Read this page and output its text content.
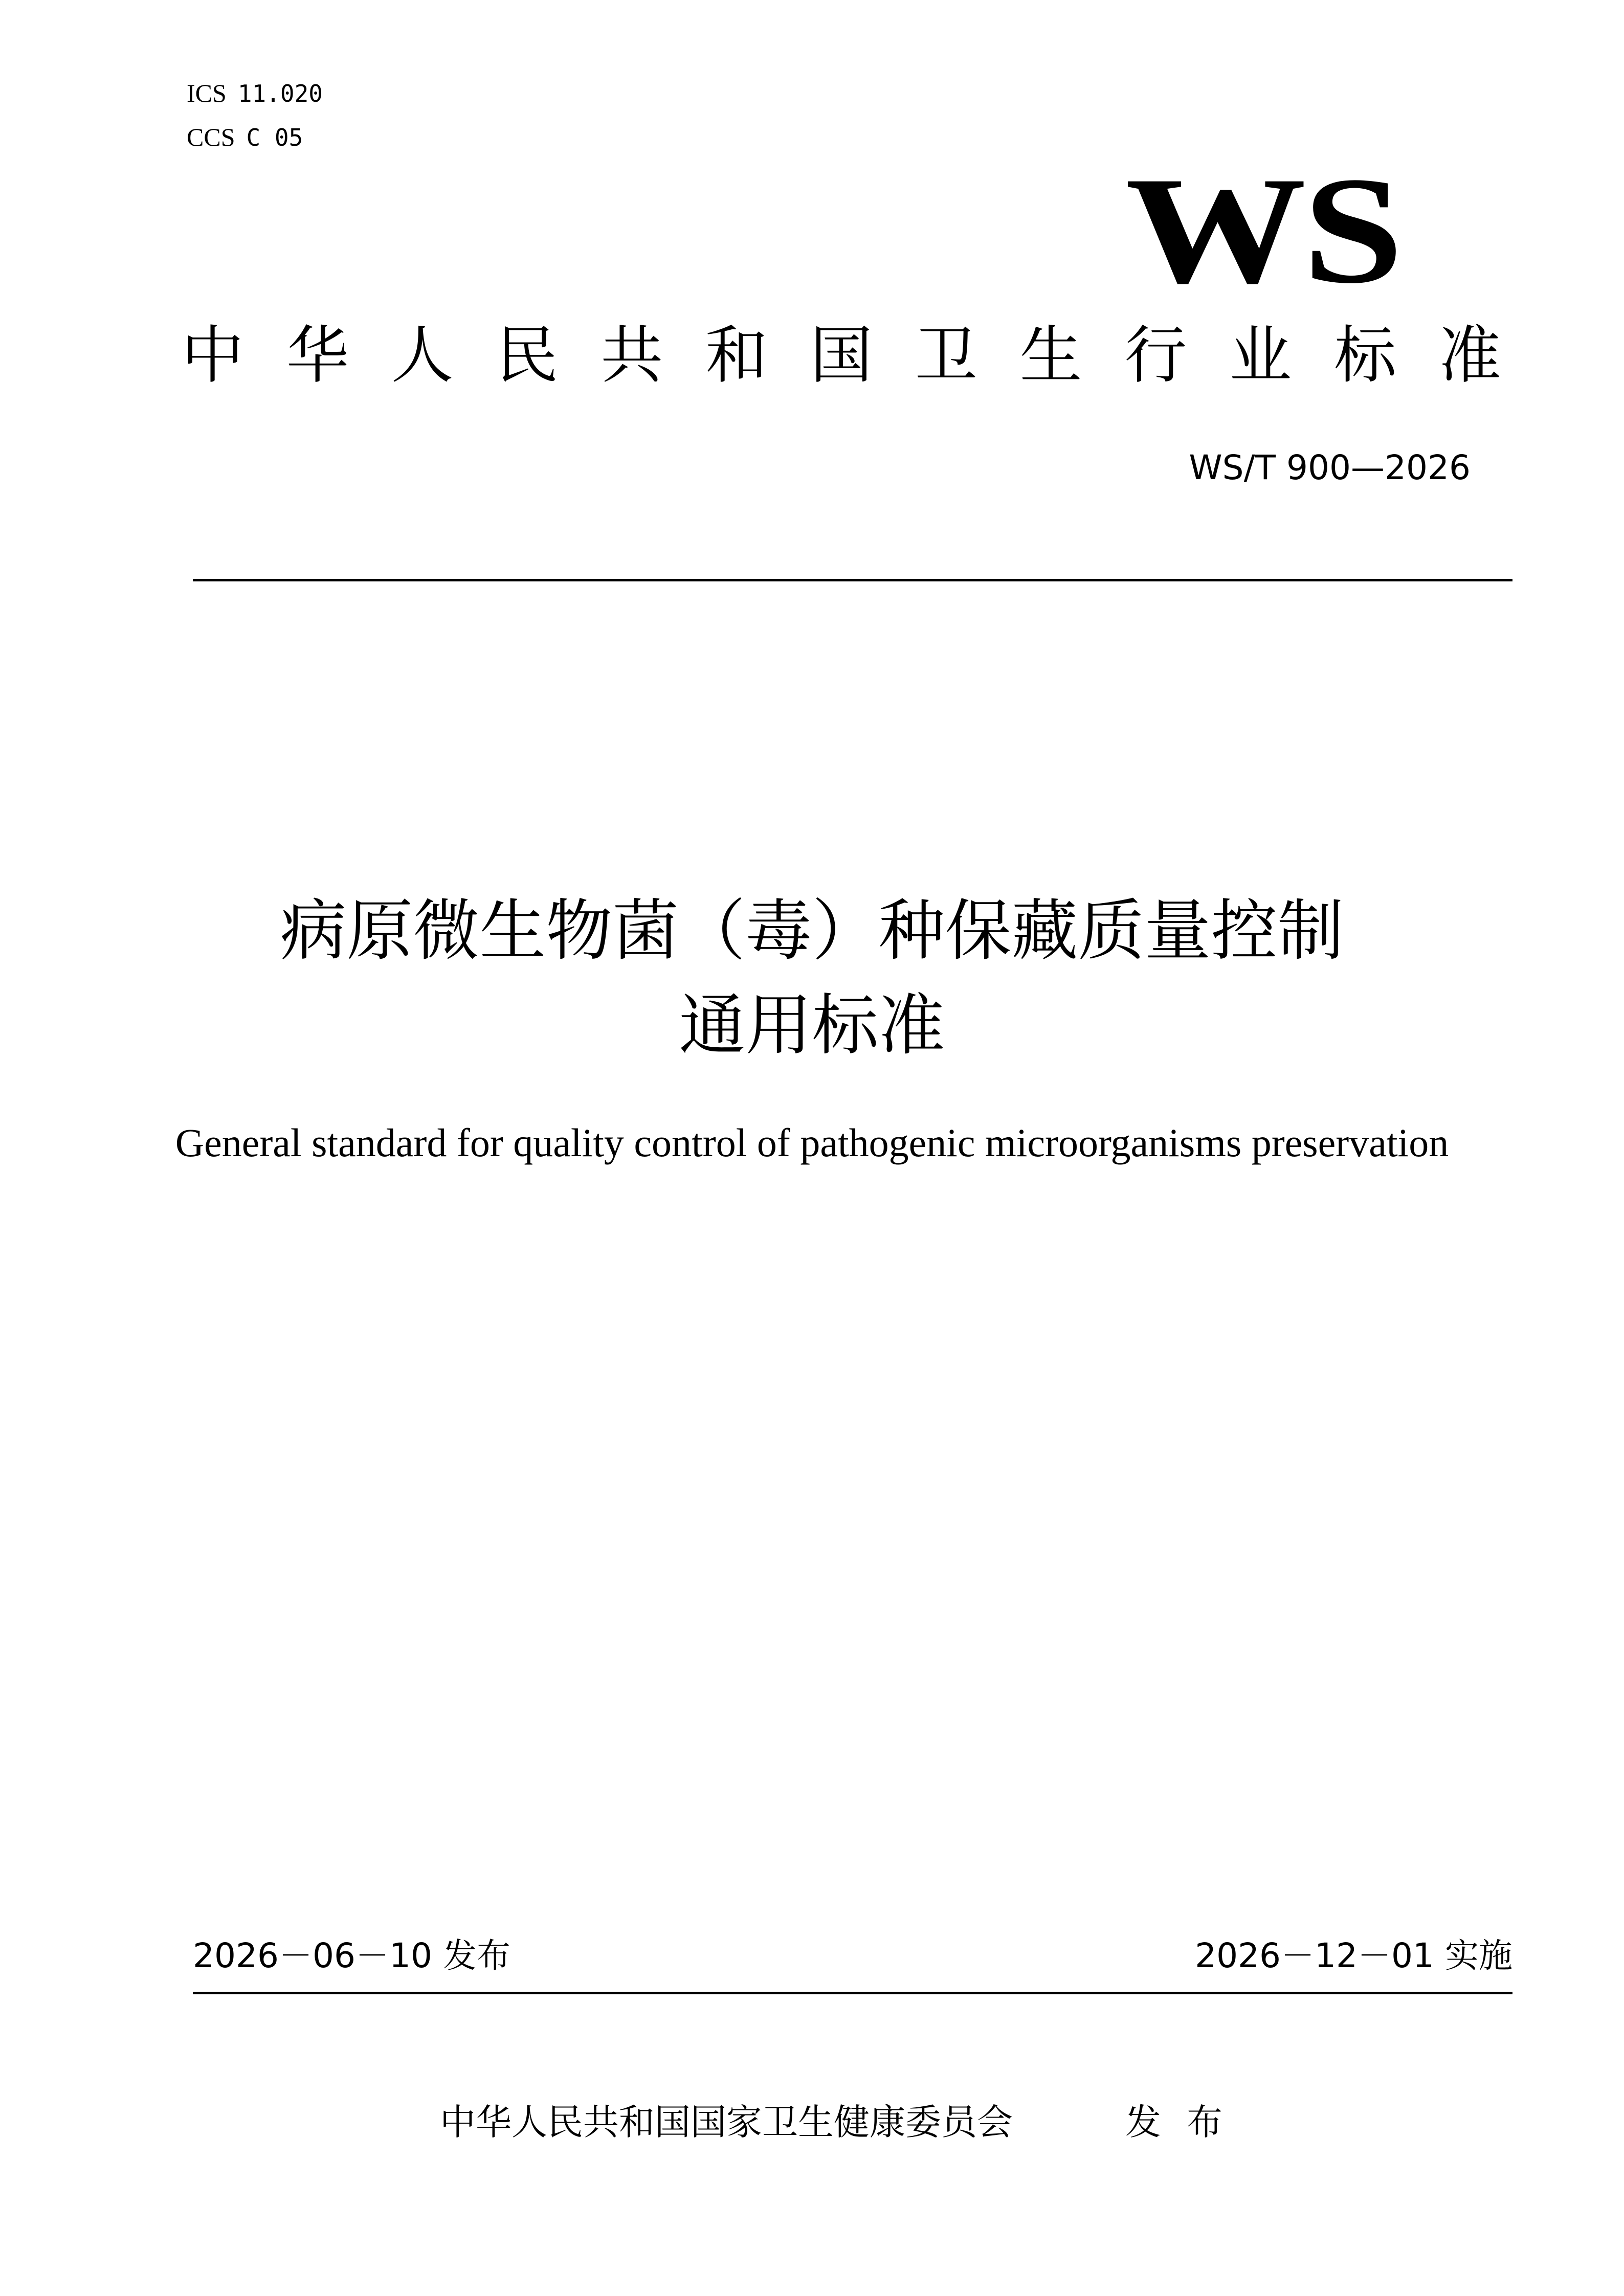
ICS 11.020
CCS C 05
WS
中 华 人 民 共 和 国 卫 生 行 业 标 准
WS/T 900—2026
病原微生物菌（毒）种保藏质量控制
通用标准
General standard for quality control of pathogenic microorganisms preservation
2026－06－10 发布	2026－12－01 实施
中华人民共和国国家卫生健康委员会	发布
